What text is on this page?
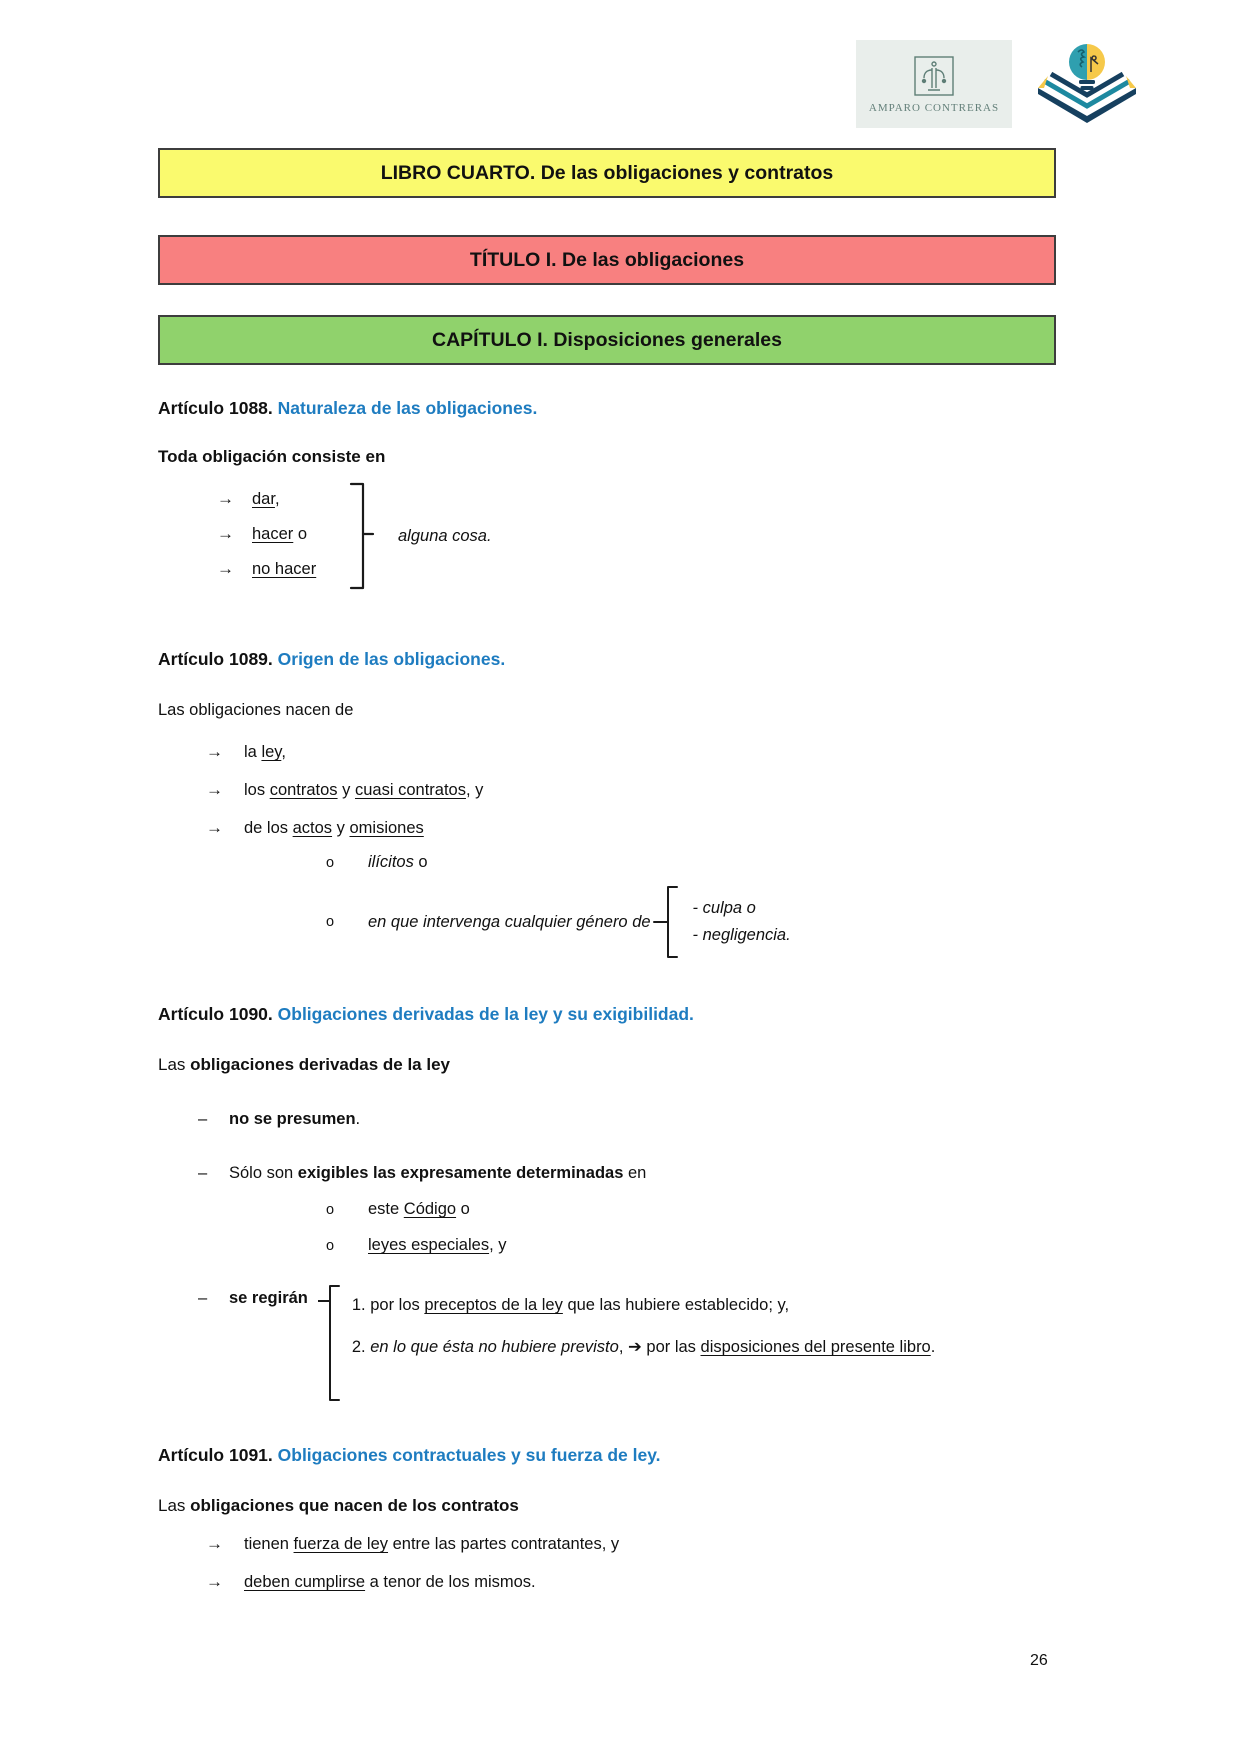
AMPARO CONTRERAS
LIBRO CUARTO. De las obligaciones y contratos
TÍTULO I. De las obligaciones
CAPÍTULO I. Disposiciones generales

Artículo 1088. Naturaleza de las obligaciones.

Toda obligación consiste en

→	dar,
→	hacer o
→	no hacer
alguna cosa.

Artículo 1089. Origen de las obligaciones.

Las obligaciones nacen de

→	la ley,
→	los contratos y cuasi contratos, y
→	de los actos y omisiones
o	ilícitos o
o	en que intervenga cualquier género de
- culpa o
- negligencia.

Artículo 1090. Obligaciones derivadas de la ley y su exigibilidad.

Las obligaciones derivadas de la ley

–	no se presumen.
–	Sólo son exigibles las expresamente determinadas en
o	este Código o
o	leyes especiales, y
–	se regirán	1. por los preceptos de la ley que las hubiere establecido; y,
2. en lo que ésta no hubiere previsto, ➔ por las disposiciones del presente libro.

Artículo 1091. Obligaciones contractuales y su fuerza de ley.

Las obligaciones que nacen de los contratos

→	tienen fuerza de ley entre las partes contratantes, y
→	deben cumplirse a tenor de los mismos.
26
